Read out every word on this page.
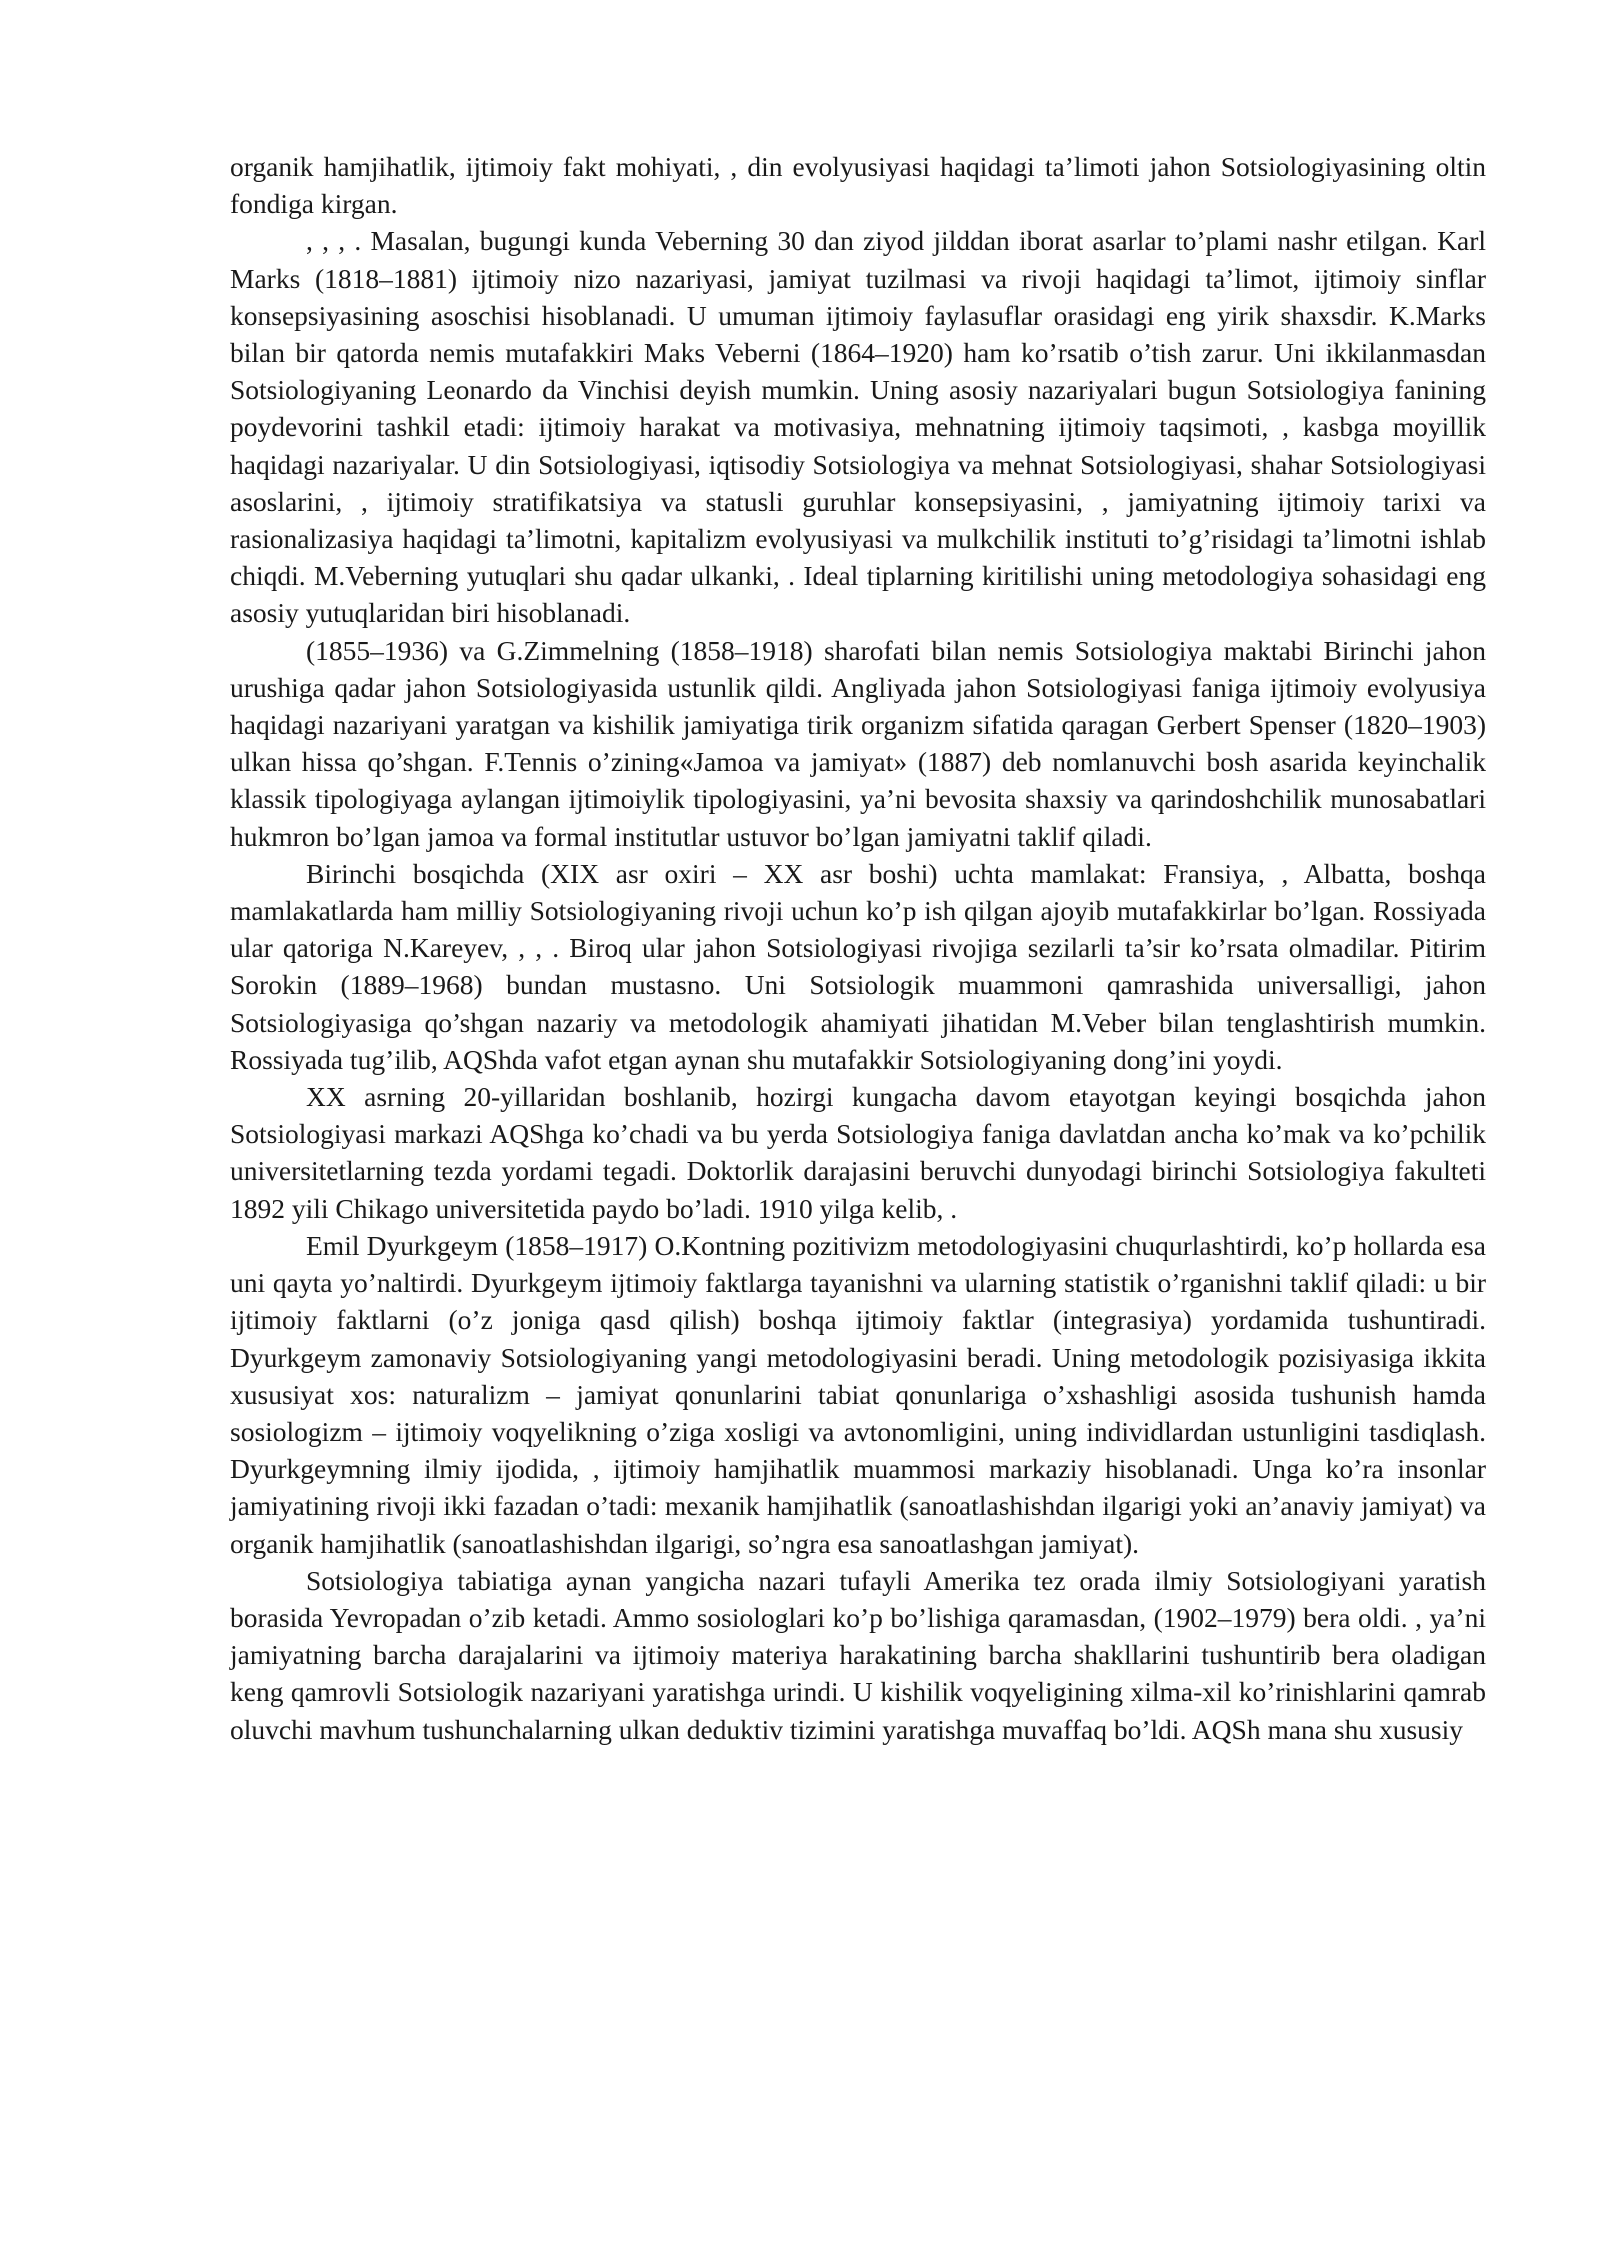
organik hamjihatlik, ijtimoiy fakt mohiyati, , din evolyusiyasi haqidagi ta’limoti jahon Sotsiologiyasining oltin fondiga kirgan.

, , , . Masalan, bugungi kunda Veberning 30 dan ziyod jilddan iborat asarlar to’plami nashr etilgan. Karl Marks (1818–1881) ijtimoiy nizo nazariyasi, jamiyat tuzilmasi va rivoji haqidagi ta’limot, ijtimoiy sinflar konsepsiyasining asoschisi hisoblanadi. U umuman ijtimoiy faylasuflar orasidagi eng yirik shaxsdir. K.Marks bilan bir qatorda nemis mutafakkiri Maks Veberni (1864–1920) ham ko’rsatib o’tish zarur. Uni ikkilanmasdan Sotsiologiyaning Leonardo da Vinchisi deyish mumkin. Uning asosiy nazariyalari bugun Sotsiologiya fanining poydevorini tashkil etadi: ijtimoiy harakat va motivasiya, mehnatning ijtimoiy taqsimoti, , kasbga moyillik haqidagi nazariyalar. U din Sotsiologiyasi, iqtisodiy Sotsiologiya va mehnat Sotsiologiyasi, shahar Sotsiologiyasi asoslarini, , ijtimoiy stratifikatsiya va statusli guruhlar konsepsiyasini, , jamiyatning ijtimoiy tarixi va rasionalizasiya haqidagi ta’limotni, kapitalizm evolyusiyasi va mulkchilik instituti to’g’risidagi ta’limotni ishlab chiqdi. M.Veberning yutuqlari shu qadar ulkanki, . Ideal tiplarning kiritilishi uning metodologiya sohasidagi eng asosiy yutuqlaridan biri hisoblanadi.

(1855–1936) va G.Zimmelning (1858–1918) sharofati bilan nemis Sotsiologiya maktabi Birinchi jahon urushiga qadar jahon Sotsiologiyasida ustunlik qildi. Angliyada jahon Sotsiologiyasi faniga ijtimoiy evolyusiya haqidagi nazariyani yaratgan va kishilik jamiyatiga tirik organizm sifatida qaragan Gerbert Spenser (1820–1903) ulkan hissa qo’shgan. F.Tennis o’zining«Jamoa va jamiyat» (1887) deb nomlanuvchi bosh asarida keyinchalik klassik tipologiyaga aylangan ijtimoiylik tipologiyasini, ya’ni bevosita shaxsiy va qarindoshchilik munosabatlari hukmron bo’lgan jamoa va formal institutlar ustuvor bo’lgan jamiyatni taklif qiladi.

Birinchi bosqichda (XIX asr oxiri – XX asr boshi) uchta mamlakat: Fransiya, , Albatta, boshqa mamlakatlarda ham milliy Sotsiologiyaning rivoji uchun ko’p ish qilgan ajoyib mutafakkirlar bo’lgan. Rossiyada ular qatoriga N.Kareyev, , , . Biroq ular jahon Sotsiologiyasi rivojiga sezilarli ta’sir ko’rsata olmadilar. Pitirim Sorokin (1889–1968) bundan mustasno. Uni Sotsiologik muammoni qamrashida universalligi, jahon Sotsiologiyasiga qo’shgan nazariy va metodologik ahamiyati jihatidan M.Veber bilan tenglashtirish mumkin. Rossiyada tug’ilib, AQShda vafot etgan aynan shu mutafakkir Sotsiologiyaning dong’ini yoydi.

XX asrning 20-yillaridan boshlanib, hozirgi kungacha davom etayotgan keyingi bosqichda jahon Sotsiologiyasi markazi AQShga ko’chadi va bu yerda Sotsiologiya faniga davlatdan ancha ko’mak va ko’pchilik universitetlarning tezda yordami tegadi. Doktorlik darajasini beruvchi dunyodagi birinchi Sotsiologiya fakulteti 1892 yili Chikago universitetida paydo bo’ladi. 1910 yilga kelib, .

Emil Dyurkgeym (1858–1917) O.Kontning pozitivizm metodologiyasini chuqurlashtirdi, ko’p hollarda esa uni qayta yo’naltirdi. Dyurkgeym ijtimoiy faktlarga tayanishni va ularning statistik o’rganishni taklif qiladi: u bir ijtimoiy faktlarni (o’z joniga qasd qilish) boshqa ijtimoiy faktlar (integrasiya) yordamida tushuntiradi. Dyurkgeym zamonaviy Sotsiologiyaning yangi metodologiyasini beradi. Uning metodologik pozisiyasiga ikkita xususiyat xos: naturalizm – jamiyat qonunlarini tabiat qonunlariga o’xshashligi asosida tushunish hamda sosiologizm – ijtimoiy voqyelikning o’ziga xosligi va avtonomligini, uning individlardan ustunligini tasdiqlash. Dyurkgeymning ilmiy ijodida, , ijtimoiy hamjihatlik muammosi markaziy hisoblanadi. Unga ko’ra insonlar jamiyatining rivoji ikki fazadan o’tadi: mexanik hamjihatlik (sanoatlashishdan ilgarigi yoki an’anaviy jamiyat) va organik hamjihatlik (sanoatlashishdan ilgarigi, so’ngra esa sanoatlashgan jamiyat).

Sotsiologiya tabiatiga aynan yangicha nazari tufayli Amerika tez orada ilmiy Sotsiologiyani yaratish borasida Yevropadan o’zib ketadi. Ammo sosiologlari ko’p bo’lishiga qaramasdan, (1902–1979) bera oldi. , ya’ni jamiyatning barcha darajalarini va ijtimoiy materiya harakatining barcha shakllarini tushuntirib bera oladigan keng qamrovli Sotsiologik nazariyani yaratishga urindi. U kishilik voqyeligining xilma-xil ko’rinishlarini qamrab oluvchi mavhum tushunchalarning ulkan deduktiv tizimini yaratishga muvaffaq bo’ldi. AQSh mana shu xususiy
